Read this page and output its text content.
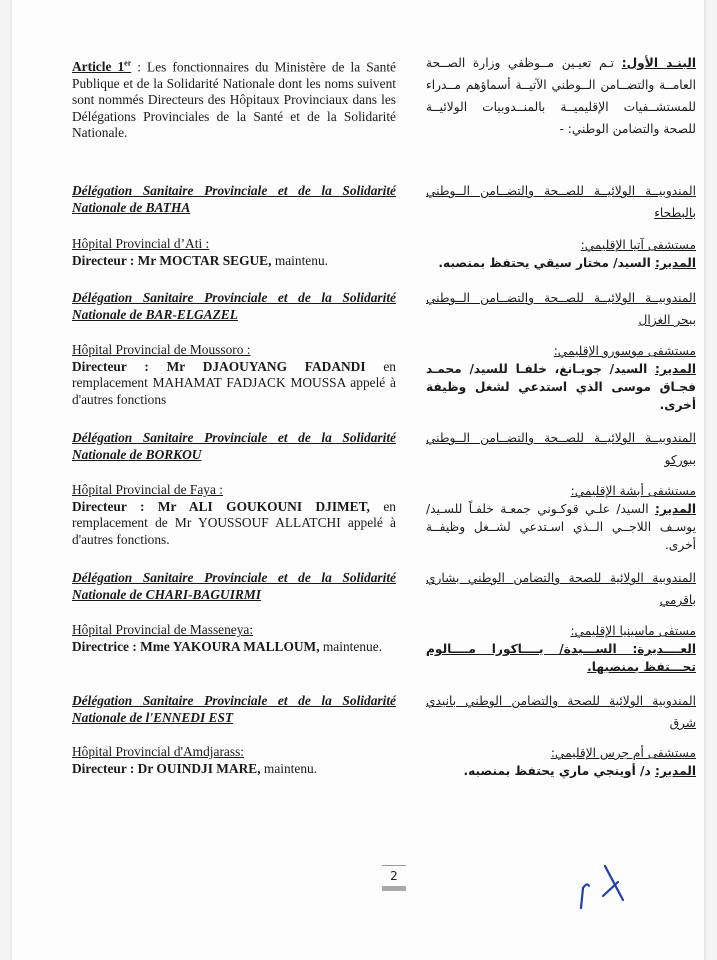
Article 1er : Les fonctionnaires du Ministère de la Santé Publique et de la Solidarité Nationale dont les noms suivent sont nommés Directeurs des Hôpitaux Provinciaux dans les Délégations Provinciales de la Santé et de la Solidarité Nationale.
البنـد الأول: تـم تعيـين مــوظفي وزارة الصــحة العامــة والتضــامن الــوطني الآتيــة أسماؤهم مــدراء للمستشــفيات الإقليميــة بالمنــدوبيات الولائيــة للصحة والتضامن الوطني: -
Délégation Sanitaire Provinciale et de la Solidarité Nationale de BATHA
المندوبيــة الولائيــة للصــحة والتضــامن الــوطني بالبطحاء
Hôpital Provincial d’Ati :
Directeur : Mr MOCTAR SEGUE, maintenu.
مستشفى آتيا الإقليمي:
المدير: السيد/ مختار سيقي يحتفظ بمنصبه.
Délégation Sanitaire Provinciale et de la Solidarité Nationale de BAR-ELGAZEL
المندوبيــة الولائيــة للصــحة والتضــامن الــوطني ببحر الغزال
Hôpital Provincial de Moussoro :
Directeur : Mr DJAOUYANG FADANDI en remplacement MAHAMAT FADJACK MOUSSA appelé à d'autres fonctions
مستشفى موسورو الإقليمي:
المدير: السيد/ جويـانغ، خلفـا للسيد/ محمـد فجـاق موسى الذي استدعي لشغل وظيفة أخرى.
Délégation Sanitaire Provinciale et de la Solidarité Nationale de BORKOU
المندوبيــة الولائيــة للصــحة والتضــامن الــوطني ببوركو
Hôpital Provincial de Faya :
Directeur : Mr ALI GOUKOUNI DJIMET, en remplacement de Mr YOUSSOUF ALLATCHI appelé à d'autres fonctions.
مستشفى أبشة الإقليمي:
المدير: السيد/ علـي قوكـوني جمعـة خلفـاً للسـيد/ يوسـف اللاجــي الــذي اسـتدعي لشــغل وظيفــة أخرى.
Délégation Sanitaire Provinciale et de la Solidarité Nationale de CHARI-BAGUIRMI
المندوبية الولائية للصحة والتضامن الوطني بشاري باقرمي
Hôpital Provincial de Masseneya:
Directrice : Mme YAKOURA MALLOUM, maintenue.
مستفى ماسينيا الإقليمي:
العــــديرة: الســـيدة/ يــــاكورا مــــالوم تحـــتفظ بمنصبها.
Délégation Sanitaire Provinciale et de la Solidarité Nationale de l'ENNEDI EST
المندوبية الولائية للصحة والتضامن الوطني بانيدي شرق
Hôpital Provincial d'Amdjarass:
Directeur : Dr OUINDJI MARE, maintenu.
مستشفى أم جرس الإقليمي:
المدير: د/ أوينجي ماري يحتفظ بمنصبه.
2
